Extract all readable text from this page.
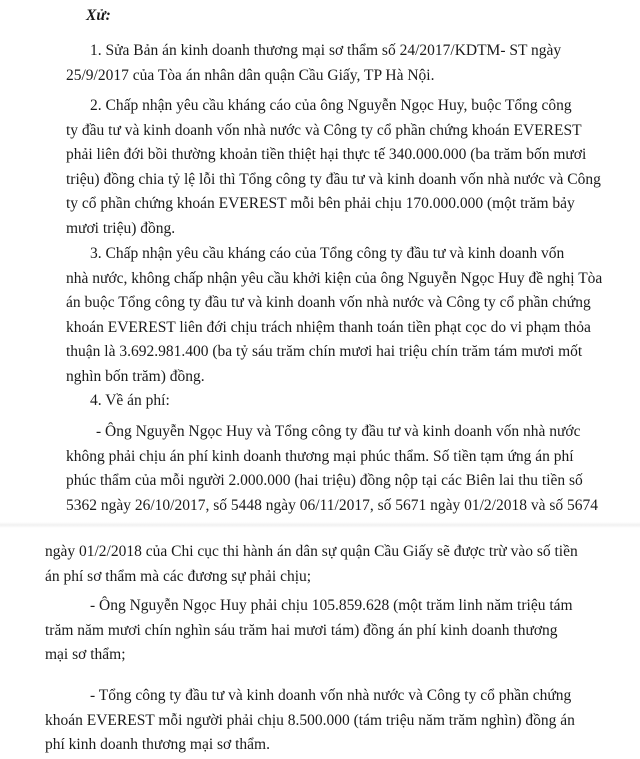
Xử:
1. Sửa Bản án kinh doanh thương mại sơ thẩm số 24/2017/KDTM- ST ngày
25/9/2017 của Tòa án nhân dân quận Cầu Giấy, TP Hà Nội.
2. Chấp nhận yêu cầu kháng cáo của ông Nguyễn Ngọc Huy, buộc Tổng công
ty đầu tư và kinh doanh vốn nhà nước và Công ty cổ phần chứng khoán EVEREST
phải liên đới bồi thường khoản tiền thiệt hại thực tế 340.000.000 (ba trăm bốn mươi
triệu) đồng chia tỷ lệ lỗi thì Tổng công ty đầu tư và kinh doanh vốn nhà nước và Công
ty cổ phần chứng khoán EVEREST mỗi bên phải chịu 170.000.000 (một trăm bảy
mươi triệu) đồng.
3. Chấp nhận yêu cầu kháng cáo của Tổng công ty đầu tư và kinh doanh vốn
nhà nước, không chấp nhận yêu cầu khởi kiện của ông Nguyễn Ngọc Huy đề nghị Tòa
án buộc Tổng công ty đầu tư và kinh doanh vốn nhà nước và Công ty cổ phần chứng
khoán EVEREST liên đới chịu trách nhiệm thanh toán tiền phạt cọc do vi phạm thỏa
thuận là 3.692.981.400 (ba tỷ sáu trăm chín mươi hai triệu chín trăm tám mươi mốt
nghìn bốn trăm) đồng.
4. Về án phí:
- Ông Nguyễn Ngọc Huy và Tổng công ty đầu tư và kinh doanh vốn nhà nước
không phải chịu án phí kinh doanh thương mại phúc thẩm. Số tiền tạm ứng án phí
phúc thẩm của mỗi người 2.000.000 (hai triệu) đồng nộp tại các Biên lai thu tiền số
5362 ngày 26/10/2017, số 5448 ngày 06/11/2017, số 5671 ngày 01/2/2018 và số 5674
ngày 01/2/2018 của Chi cục thi hành án dân sự quận Cầu Giấy sẽ được trừ vào số tiền
án phí sơ thẩm mà các đương sự phải chịu;
- Ông Nguyễn Ngọc Huy phải chịu 105.859.628 (một trăm linh năm triệu tám
trăm năm mươi chín nghìn sáu trăm hai mươi tám) đồng án phí kinh doanh thương
mại sơ thẩm;
- Tổng công ty đầu tư và kinh doanh vốn nhà nước và Công ty cổ phần chứng
khoán EVEREST mỗi người phải chịu 8.500.000 (tám triệu năm trăm nghìn) đồng án
phí kinh doanh thương mại sơ thẩm.
